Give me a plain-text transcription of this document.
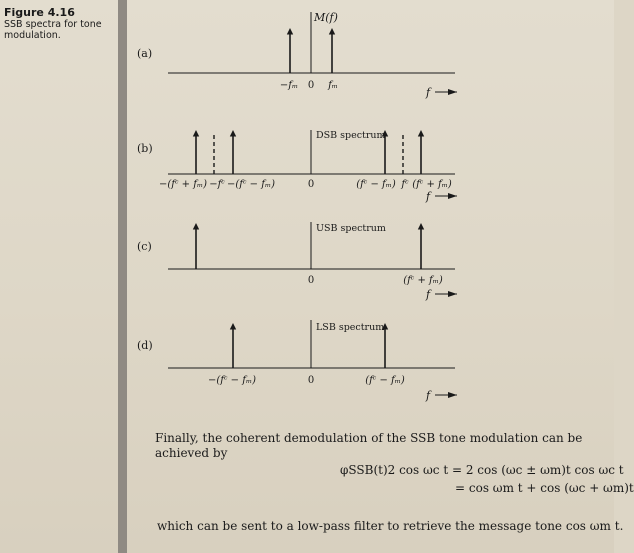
Figure 4.16
SSB spectra for tone modulation.
(a)
M(f)
−fₘ 0 fₘ
f
(b)
DSB spectrum
−(fᶜ + fₘ) −fᶜ −(fᶜ − fₘ)	0	(fᶜ − fₘ) fᶜ (fᶜ + fₘ)
f
(c)
USB spectrum
0	(fᶜ + fₘ)
f
(d)
LSB spectrum
−(fᶜ − fₘ)	0	(fᶜ − fₘ)
f
Finally, the coherent demodulation of the SSB tone modulation can be achieved by
φSSB(t)2 cos ωc t = 2 cos (ωc ± ωm)t cos ωc t
= cos ωm t + cos (ωc + ωm)t
which can be sent to a low-pass filter to retrieve the message tone cos ωm t.
